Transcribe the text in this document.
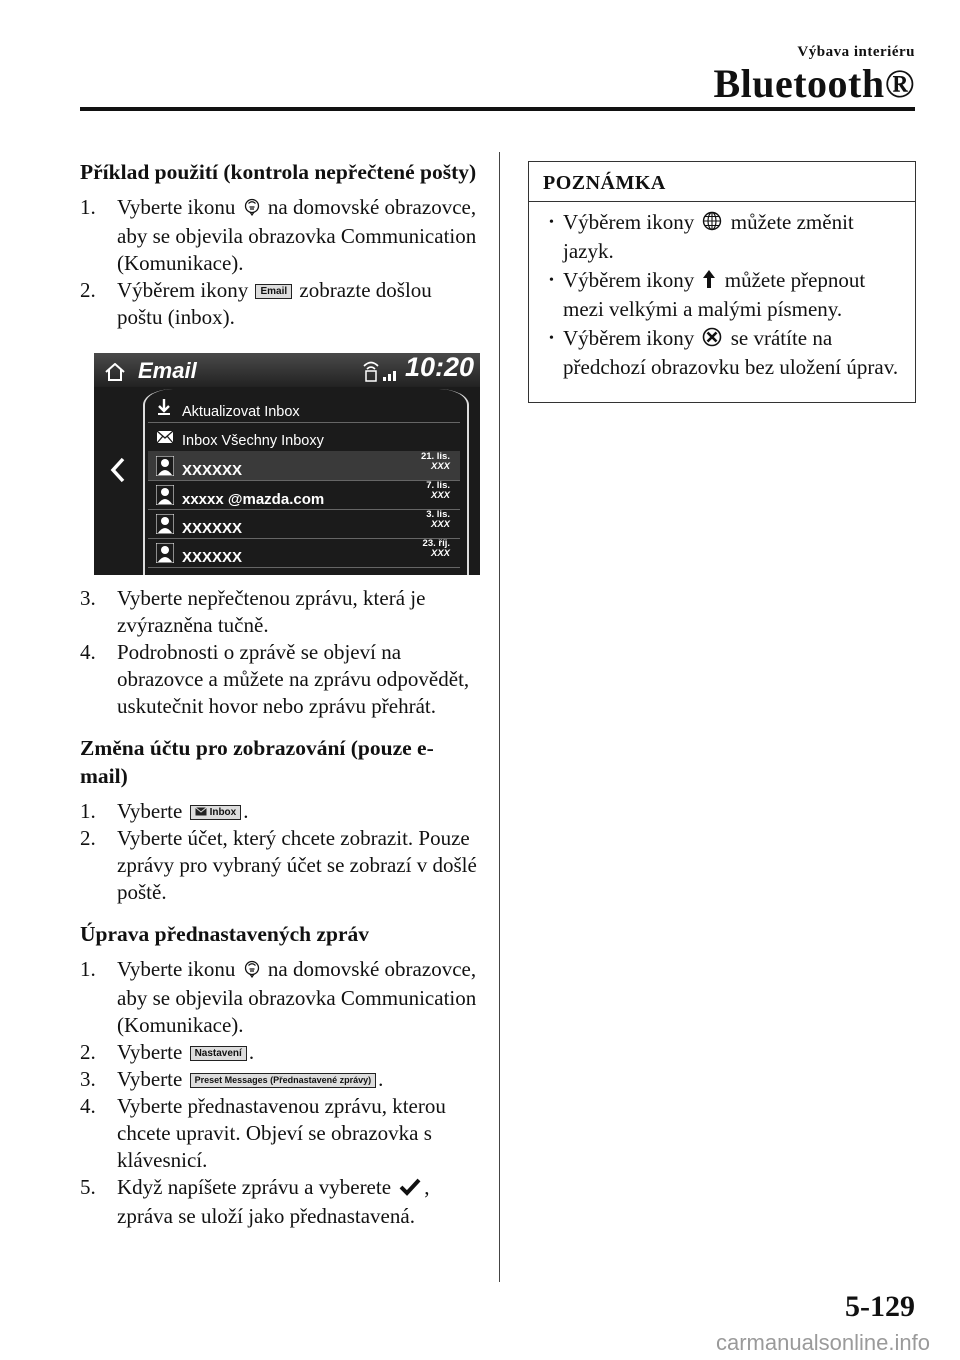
Výbava interiéru
Bluetooth®

Příklad použití (kontrola nepřečtené pošty)

1. Vyberte ikonu na domovské obrazovce, aby se objevila obrazovka Communication (Komunikace).

2. Výběrem ikony Email zobrazte došlou poštu (inbox).

Email	10:20
Aktualizovat Inbox
Inbox Všechny Inboxy
XXXXXX
21. lis.
XXX
xxxxx @mazda.com
7. lis.
XXX
XXXXXX
3. lis.
XXX
XXXXXX
23. říj.
XXX

3. Vyberte nepřečtenou zprávu, která je zvýrazněna tučně.

4. Podrobnosti o zprávě se objeví na obrazovce a můžete na zprávu odpovědět, uskutečnit hovor nebo zprávu přehrát.

Změna účtu pro zobrazování (pouze e-mail)

1. Vyberte	Inbox .

2. Vyberte účet, který chcete zobrazit. Pouze zprávy pro vybraný účet se zobrazí v došlé poště.

Úprava přednastavených zpráv

1. Vyberte ikonu na domovské obrazovce, aby se objevila obrazovka Communication (Komunikace).

2. Vyberte Nastavení .

3. Vyberte Preset Messages (Přednastavené zprávy) .

4. Vyberte přednastavenou zprávu, kterou chcete upravit. Objeví se obrazovka s klávesnicí.

5. Když napíšete zprávu a vyberete , zpráva se uloží jako přednastavená.

POZNÁMKA

• Výběrem ikony můžete změnit jazyk.

• Výběrem ikony můžete přepnout mezi velkými a malými písmeny.

• Výběrem ikony se vrátíte na předchozí obrazovku bez uložení úprav.

5-129
carmanualsonline.info
